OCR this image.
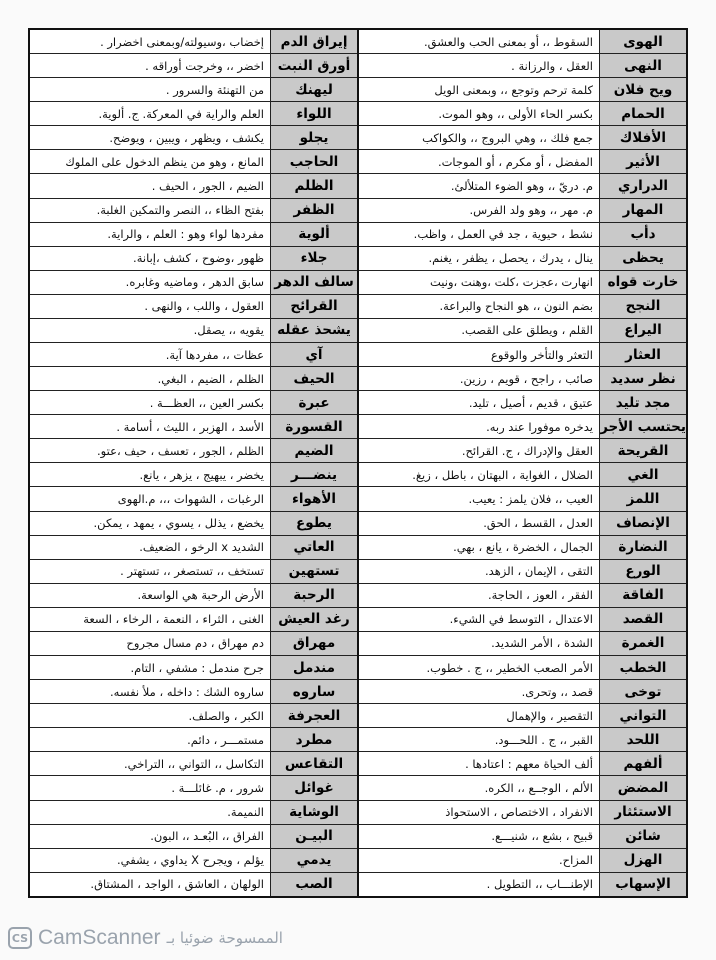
الهوى
السقوط ،، أو بمعنى الحب والعشق.
النهى
العقل ، والرزانة .
ويح فلان
كلمة ترحم وتوجع ،، وبمعنى الويل
الحمام
بكسر الحاء الأولى ،، وهو الموت.
الأفلاك
جمع فلك ،، وهي البروج ،، والكواكب
الأثير
المفضل ، أو مكرم ، أو الموجات.
الدراري
م. دريّ ،، وهو الضوء المتلألئ.
المهار
م. مهر ،، وهو ولد الفرس.
دأب
نشط ، حيوية ، جد في العمل ، واظب.
يحظى
ينال ، يدرك ، يحصل ، يظفر ، يغنم.
خارت قواه
انهارت ،عجزت ،كلت ،وهنت ،ونيت
النجح
بضم النون ،، هو النجاح والبراعة.
اليراع
القلم ، ويطلق على القصب.
العثار
التعثر والتأخر والوقوع
نظر سديد
صائب ، راجح ، قويم ، رزين.
مجد تليد
عتيق ، قديم ، أصيل ، تليد.
يحتسب الأجر
يدخره موفورا عند ربه.
القريحة
العقل والإدراك ، ج. القرائح.
الغي
الضلال ، الغواية ، البهتان ، باطل ، زيغ.
اللمز
العيب ،، فلان يلمز : يعيب.
الإنصاف
العدل ، القسط ، الحق.
النضارة
الجمال ، الخضرة ، يانع ، بهي.
الورع
التقى ، الإيمان ، الزهد.
الفاقة
الفقر ، العوز ، الحاجة.
القصد
الاعتدال ، التوسط في الشيء.
الغمرة
الشدة ، الأمر الشديد.
الخطب
الأمر الصعب الخطير ،، ج . خطوب.
توخى
قصد ،، وتحرى.
التواني
التقصير ، والإهمال
اللحد
القبر ،، ج . اللحـــود.
ألفهم
ألف الحياة معهم : اعتادها .
المضض
الألم ، الوجــع ،، الكره.
الاستئثار
الانفراد ، الاختصاص ، الاستحواذ
شائن
قبيح ، بشع ،، شنيـــع.
الهزل
المزاح.
الإسهاب
الإطنـــاب ،، التطويل .
إيراق الدم
إخضاب ،وسيولته/وبمعنى اخضرار .
أورق النبت
اخضر ،، وخرجت أوراقه .
ليهنك
من التهنئة والسرور .
اللواء
العلم والراية في المعركة. ج. ألوية.
يجلو
يكشف ، ويظهر ، ويبين ، ويوضح.
الحاجب
المانع ، وهو من ينظم الدخول على الملوك
الظلم
الضيم ، الجور ، الحيف .
الظفر
بفتح الظاء ،، النصر والتمكين الغلبة.
ألوية
مفردها لواء وهو : العلم ، والراية.
جلاء
ظهور ،وضوح ، كشف ،إبانة.
سالف الدهر
سابق الدهر ، وماضيه وغابره.
القرائح
العقول ، واللب ، والنهى .
يشحذ عقله
يقويه ،، يصقل.
آي
عظات ،، مفردها آية.
الحيف
الظلم ، الضيم ، البغي.
عبرة
بكسر العين ،، العظـــة .
القسورة
الأسد ، الهزبر ، الليث ، أسامة .
الضيم
الظلم ، الجور ، تعسف ، حيف ،عتو.
ينضـــر
يخضر ، يبهيج ، يزهر ، يانع.
الأهواء
الرغبات ، الشهوات ،،، م.الهوى
يطوع
يخضع ، يذلل ، يسوي ، يمهد ، يمكن.
العاتي
الشديد x الرخو ، الضعيف.
تستهين
تستخف ،، تستصغر ،، تستهتر .
الرحبة
الأرض الرحبة هي الواسعة.
رغد العيش
الغنى ، الثراء ، النعمة ، الرخاء ، السعة
مهراق
دم مهراق ، دم مسال مجروح
مندمل
جرح مندمل : مشفي ، التام.
ساروه
ساروه الشك : داخله ، ملأ نفسه.
العجرفة
الكبر ، والصلف.
مطرد
مستمـــر ، دائم.
التقاعس
التكاسل ،، التواني ،، التراخي.
غوائل
شرور ، م. غائلـــة .
الوشاية
النميمة.
البيـن
الفراق ،، البُعـد ،، البون.
يدمي
يؤلم ، ويجرح X يداوي ، يشفي.
الصب
الولهان ، العاشق ، الواجد ، المشتاق.
CS CamScanner الممسوحة ضوئيا بـ
